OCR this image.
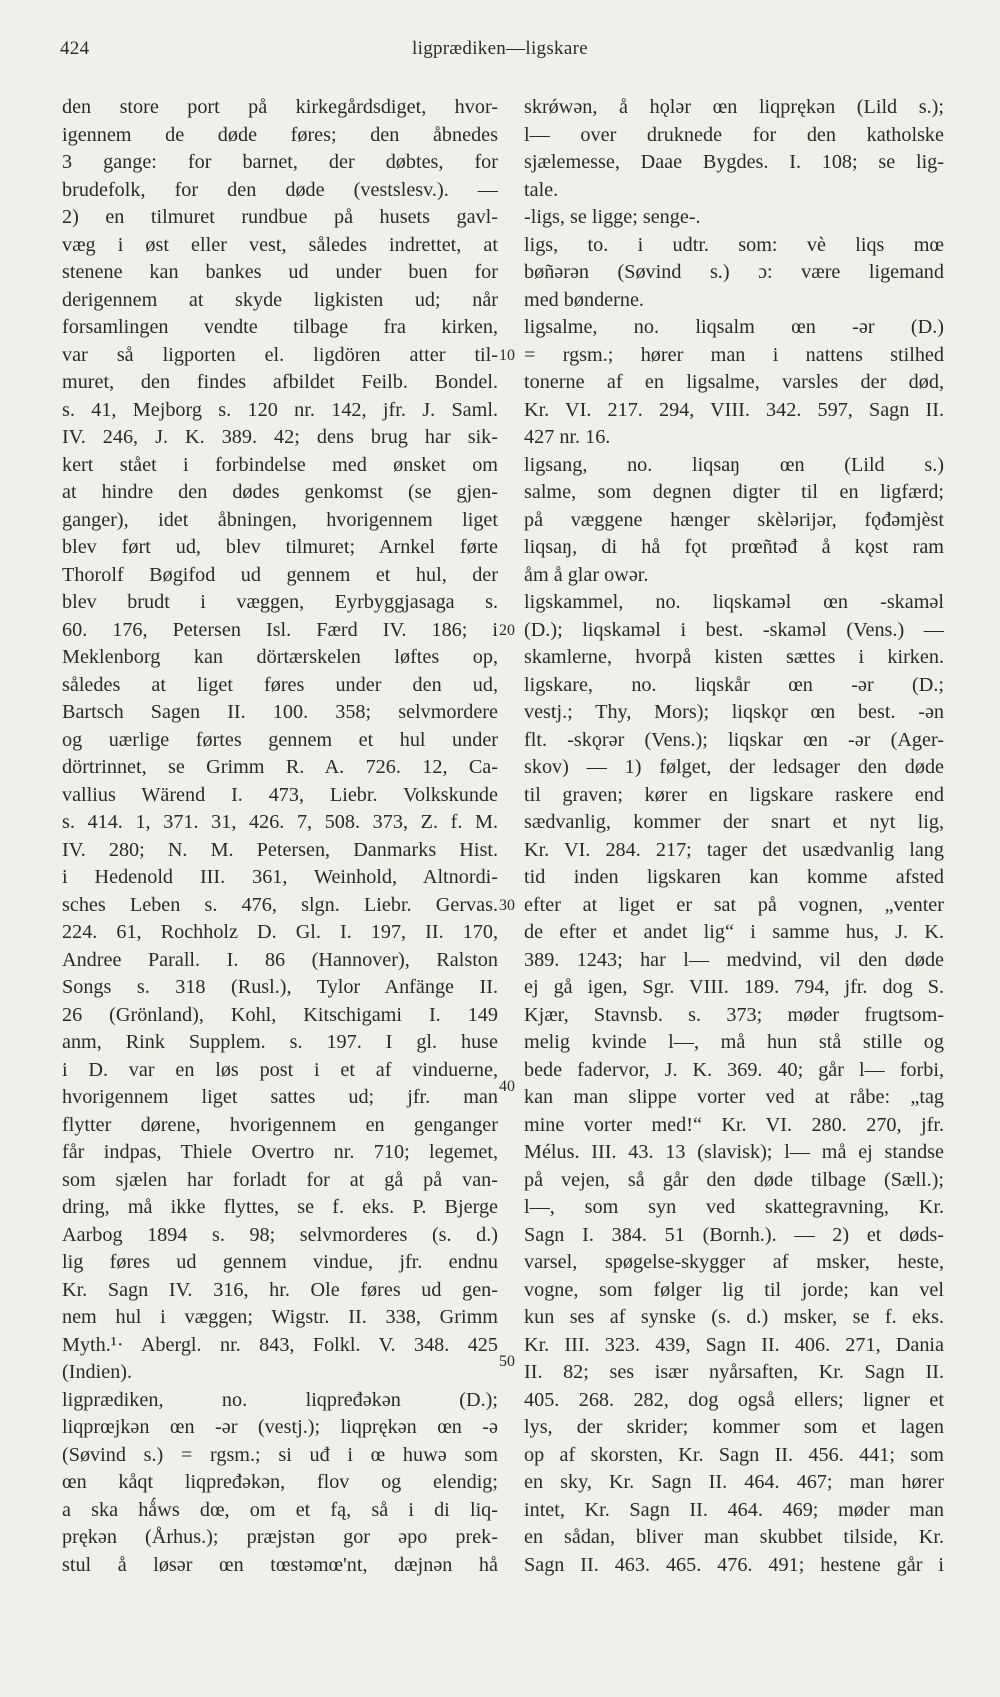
424	ligprædiken—ligskare
den store port på kirkegårdsdiget, hvor-
igennem de døde føres; den åbnedes
3 gange: for barnet, der døbtes, for
brudefolk, for den døde (vestslesv.). —
2) en tilmuret rundbue på husets gavl-
væg i øst eller vest, således indrettet, at
stenene kan bankes ud under buen for
derigennem at skyde ligkisten ud; når
forsamlingen vendte tilbage fra kirken,
var så ligporten el. ligdören atter til-
muret, den findes afbildet Feilb. Bondel.
s. 41, Mejborg s. 120 nr. 142, jfr. J. Saml.
IV. 246, J. K. 389. 42; dens brug har sik-
kert stået i forbindelse med ønsket om
at hindre den dødes genkomst (se gjen-
ganger), idet åbningen, hvorigennem liget
blev ført ud, blev tilmuret; Arnkel førte
Thorolf Bøgifod ud gennem et hul, der
blev brudt i væggen, Eyrbyggjasaga s.
60. 176, Petersen Isl. Færd IV. 186; i
Meklenborg kan dörtærskelen løftes op,
således at liget føres under den ud,
Bartsch Sagen II. 100. 358; selvmordere
og uærlige førtes gennem et hul under
dörtrinnet, se Grimm R. A. 726. 12, Ca-
vallius Wärend I. 473, Liebr. Volkskunde
s. 414. 1, 371. 31, 426. 7, 508. 373, Z. f. M.
IV. 280; N. M. Petersen, Danmarks Hist.
i Hedenold III. 361, Weinhold, Altnordi-
sches Leben s. 476, slgn. Liebr. Gervas.
224. 61, Rochholz D. Gl. I. 197, II. 170,
Andree Parall. I. 86 (Hannover), Ralston
Songs s. 318 (Rusl.), Tylor Anfänge II.
26 (Grönland), Kohl, Kitschigami I. 149
anm, Rink Supplem. s. 197. I gl. huse
i D. var en løs post i et af vinduerne,
hvorigennem liget sattes ud; jfr. man
flytter dørene, hvorigennem en genganger
får indpas, Thiele Overtro nr. 710; legemet,
som sjælen har forladt for at gå på van-
dring, må ikke flyttes, se f. eks. P. Bjerge
Aarbog 1894 s. 98; selvmorderes (s. d.)
lig føres ud gennem vindue, jfr. endnu
Kr. Sagn IV. 316, hr. Ole føres ud gen-
nem hul i væggen; Wigstr. II. 338, Grimm
Myth.¹· Abergl. nr. 843, Folkl. V. 348. 425
(Indien).
ligprædiken, no. liqpređəkən (D.);
liqprœjkən œn -ər (vestj.); liqprękən œn -ə
(Søvind s.) = rgsm.; si uđ i œ huwə som
œn kåqt liqpređəkən, flov og elendig;
a ska hǻws dœ, om et fą, så i di liq-
prękən (Århus.); præjstən gor əpo prek-
stul å løsər œn tœstəmœ'nt, dæjnən hå
skrǿwən, å hǫlər œn liqprękən (Lild s.);
l— over druknede for den katholske
sjælemesse, Daae Bygdes. I. 108; se lig-
tale.
-ligs, se ligge; senge-.
ligs, to. i udtr. som: vè liqs mœ
bøñərən (Søvind s.) ɔ: være ligemand
med bønderne.
ligsalme, no. liqsalm œn -ər (D.)
= rgsm.; hører man i nattens stilhed
tonerne af en ligsalme, varsles der død,
Kr. VI. 217. 294, VIII. 342. 597, Sagn II.
427 nr. 16.
ligsang, no. liqsaŋ œn (Lild s.)
salme, som degnen digter til en ligfærd;
på væggene hænger skèlərijər, fǫđəmjèst
liqsaŋ, di hå fǫt prœñtəđ å kǫst ram
åm å glar owər.
ligskammel, no. liqskaməl œn -skaməl
(D.); liqskaməl i best. -skaməl (Vens.) —
skamlerne, hvorpå kisten sættes i kirken.
ligskare, no. liqskår œn -ər (D.;
vestj.; Thy, Mors); liqskǫr œn best. -ən
flt. -skǫrər (Vens.); liqskar œn -ər (Ager-
skov) — 1) følget, der ledsager den døde
til graven; kører en ligskare raskere end
sædvanlig, kommer der snart et nyt lig,
Kr. VI. 284. 217; tager det usædvanlig lang
tid inden ligskaren kan komme afsted
efter at liget er sat på vognen, „venter
de efter et andet lig“ i samme hus, J. K.
389. 1243; har l— medvind, vil den døde
ej gå igen, Sgr. VIII. 189. 794, jfr. dog S.
Kjær, Stavnsb. s. 373; møder frugtsom-
melig kvinde l—, må hun stå stille og
bede fadervor, J. K. 369. 40; går l— forbi,
kan man slippe vorter ved at råbe: „tag
mine vorter med!“ Kr. VI. 280. 270, jfr.
Mélus. III. 43. 13 (slavisk); l— må ej standse
på vejen, så går den døde tilbage (Sæll.);
l—, som syn ved skattegravning, Kr.
Sagn I. 384. 51 (Bornh.). — 2) et døds-
varsel, spøgelse-skygger af msker, heste,
vogne, som følger lig til jorde; kan vel
kun ses af synske (s. d.) msker, se f. eks.
Kr. III. 323. 439, Sagn II. 406. 271, Dania
II. 82; ses især nyårsaften, Kr. Sagn II.
405. 268. 282, dog også ellers; ligner et
lys, der skrider; kommer som et lagen
op af skorsten, Kr. Sagn II. 456. 441; som
en sky, Kr. Sagn II. 464. 467; man hører
intet, Kr. Sagn II. 464. 469; møder man
en sådan, bliver man skubbet tilside, Kr.
Sagn II. 463. 465. 476. 491; hestene går i
10
20
30
40
50
